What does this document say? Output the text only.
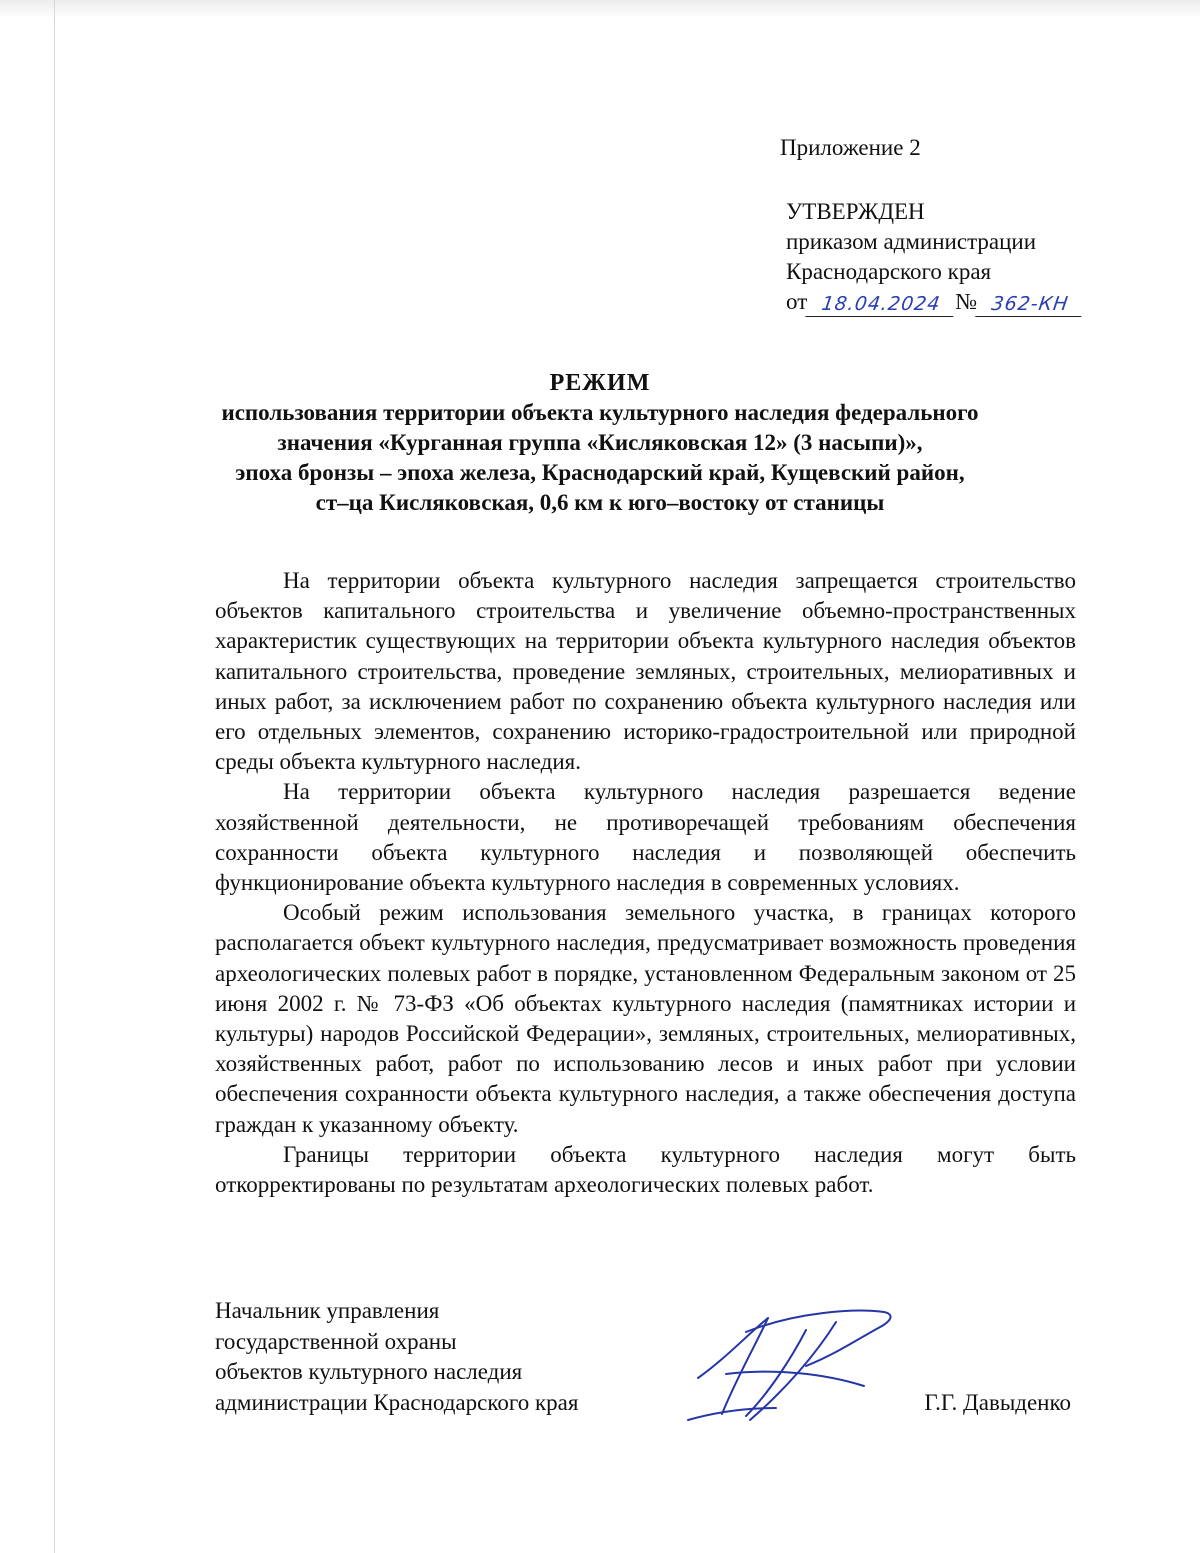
Приложение 2
УТВЕРЖДЕН
приказом администрации
Краснодарского края
от 18.04.2024 № 362-КН
РЕЖИМ
использования территории объекта культурного наследия федерального
значения «Курганная группа «Кисляковская 12» (3 насыпи)»,
эпоха бронзы – эпоха железа, Краснодарский край, Кущевский район,
ст–ца Кисляковская, 0,6 км к юго–востоку от станицы

На территории объекта культурного наследия запрещается строительство объектов капитального строительства и увеличение объемно-пространственных характеристик существующих на территории объекта культурного наследия объектов капитального строительства, проведение земляных, строительных, мелиоративных и иных работ, за исключением работ по сохранению объекта культурного наследия или его отдельных элементов, сохранению историко-градостроительной или природной среды объекта культурного наследия.

На территории объекта культурного наследия разрешается ведение хозяйственной деятельности, не противоречащей требованиям обеспечения сохранности объекта культурного наследия и позволяющей обеспечить функционирование объекта культурного наследия в современных условиях.

Особый режим использования земельного участка, в границах которого располагается объект культурного наследия, предусматривает возможность проведения археологических полевых работ в порядке, установленном Федеральным законом от 25 июня 2002 г. № 73-ФЗ «Об объектах культурного наследия (памятниках истории и культуры) народов Российской Федерации», земляных, строительных, мелиоративных, хозяйственных работ, работ по использованию лесов и иных работ при условии обеспечения сохранности объекта культурного наследия, а также обеспечения доступа граждан к указанному объекту.

Границы территории объекта культурного наследия могут быть откорректированы по результатам археологических полевых работ.

Начальник управления
государственной охраны
объектов культурного наследия
администрации Краснодарского края	Г.Г. Давыденко
